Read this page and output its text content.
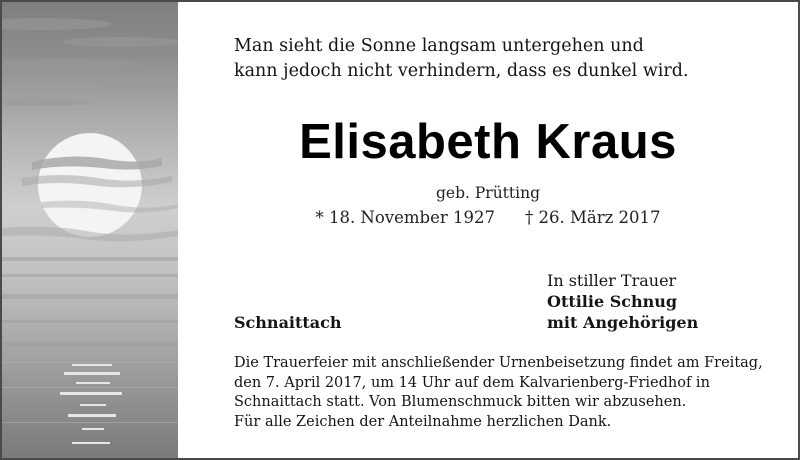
Man sieht die Sonne langsam untergehen und
kann jedoch nicht verhindern, dass es dunkel wird.
Elisabeth Kraus
geb. Prütting
* 18. November 1927 † 26. März 2017
In stiller Trauer
Ottilie Schnug
mit Angehörigen
Schnaittach
Die Trauerfeier mit anschließender Urnenbeisetzung findet am Freitag,
den 7. April 2017, um 14 Uhr auf dem Kalvarienberg-Friedhof in
Schnaittach statt. Von Blumenschmuck bitten wir abzusehen.
Für alle Zeichen der Anteilnahme herzlichen Dank.
